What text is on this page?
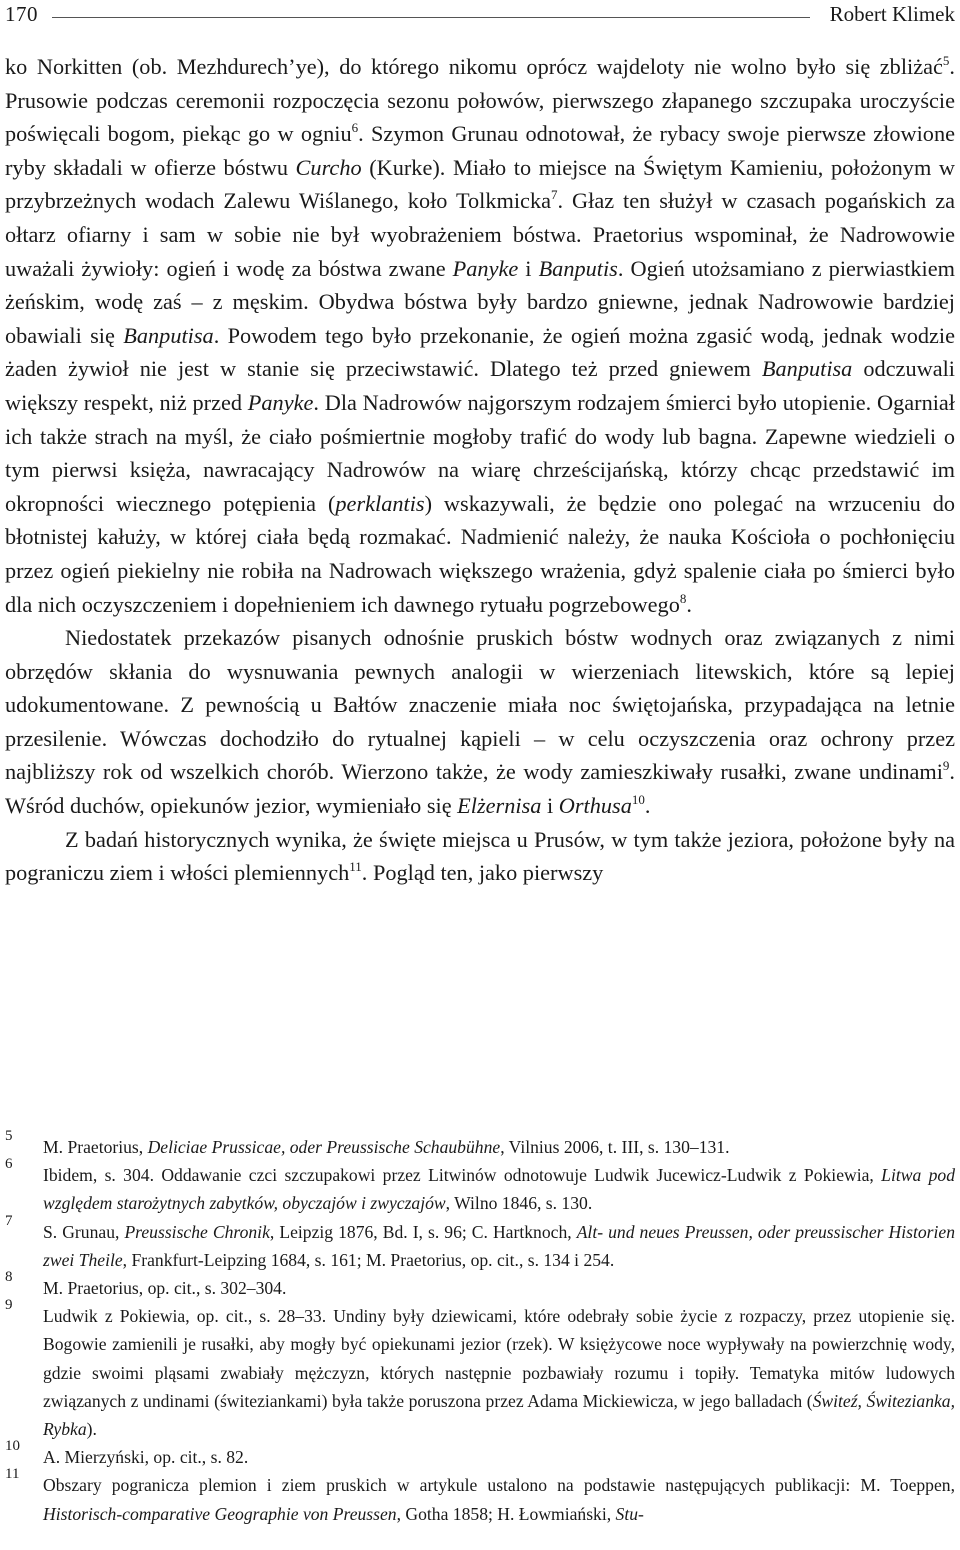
170	Robert Klimek

ko Norkitten (ob. Mezhdurech’ye), do którego nikomu oprócz wajdeloty nie wolno było się zbliżać$^5$. Prusowie podczas ceremonii rozpoczęcia sezonu połowów, pierwszego złapanego szczupaka uroczyście poświęcali bogom, piekąc go w ogniu$^6$. Szymon Grunau odnotował, że rybacy swoje pierwsze złowione ryby składali w ofierze bóstwu Curcho (Kurke). Miało to miejsce na Świętym Kamieniu, położonym w przybrzeżnych wodach Zalewu Wiślanego, koło Tolkmicka$^7$. Głaz ten służył w czasach pogańskich za ołtarz ofiarny i sam w sobie nie był wyobrażeniem bóstwa. Praetorius wspominał, że Nadrowowie uważali żywioły: ogień i wodę za bóstwa zwane Panyke i Banputis. Ogień utożsamiano z pierwiastkiem żeńskim, wodę zaś – z męskim. Obydwa bóstwa były bardzo gniewne, jednak Nadrowowie bardziej obawiali się Banputisa. Powodem tego było przekonanie, że ogień można zgasić wodą, jednak wodzie żaden żywioł nie jest w stanie się przeciwstawić. Dlatego też przed gniewem Banputisa odczuwali większy respekt, niż przed Panyke. Dla Nadrowów najgorszym rodzajem śmierci było utopienie. Ogarniał ich także strach na myśl, że ciało pośmiertnie mogłoby trafić do wody lub bagna. Zapewne wiedzieli o tym pierwsi księża, nawracający Nadrowów na wiarę chrześcijańską, którzy chcąc przedstawić im okropności wiecznego potępienia (perklantis) wskazywali, że będzie ono polegać na wrzuceniu do błotnistej kałuży, w której ciała będą rozmakać. Nadmienić należy, że nauka Kościoła o pochłonięciu przez ogień piekielny nie robiła na Nadrowach większego wrażenia, gdyż spalenie ciała po śmierci było dla nich oczyszczeniem i dopełnieniem ich dawnego rytuału pogrzebowego$^8$.

Niedostatek przekazów pisanych odnośnie pruskich bóstw wodnych oraz związanych z nimi obrzędów skłania do wysnuwania pewnych analogii w wierzeniach litewskich, które są lepiej udokumentowane. Z pewnością u Bałtów znaczenie miała noc świętojańska, przypadająca na letnie przesilenie. Wówczas dochodziło do rytualnej kąpieli – w celu oczyszczenia oraz ochrony przez najbliższy rok od wszelkich chorób. Wierzono także, że wody zamieszkiwały rusałki, zwane undinami$^9$. Wśród duchów, opiekunów jezior, wymieniało się Elżernisa i Orthusa$^{10}$.

Z badań historycznych wynika, że święte miejsca u Prusów, w tym także jeziora, położone były na pograniczu ziem i włości plemiennych$^{11}$. Pogląd ten, jako pierwszy

5
M. Praetorius, Deliciae Prussicae, oder Preussische Schaubühne, Vilnius 2006, t. III, s. 130–131.
6
Ibidem, s. 304. Oddawanie czci szczupakowi przez Litwinów odnotowuje Ludwik Jucewicz-Ludwik z Pokiewia, Litwa pod względem starożytnych zabytków, obyczajów i zwyczajów, Wilno 1846, s. 130.
7
S. Grunau, Preussische Chronik, Leipzig 1876, Bd. I, s. 96; C. Hartknoch, Alt- und neues Preussen, oder preussischer Historien zwei Theile, Frankfurt-Leipzing 1684, s. 161; M. Praetorius, op. cit., s. 134 i 254.
8
M. Praetorius, op. cit., s. 302–304.
9
Ludwik z Pokiewia, op. cit., s. 28–33. Undiny były dziewicami, które odebrały sobie życie z rozpaczy, przez utopienie się. Bogowie zamienili je rusałki, aby mogły być opiekunami jezior (rzek). W księżycowe noce wypływały na powierzchnię wody, gdzie swoimi pląsami zwabiały mężczyzn, których następnie pozbawiały rozumu i topiły. Tematyka mitów ludowych związanych z undinami (świteziankami) była także poruszona przez Adama Mickiewicza, w jego balladach (Świteź, Świtezianka, Rybka).
10
A. Mierzyński, op. cit., s. 82.
11
Obszary pogranicza plemion i ziem pruskich w artykule ustalono na podstawie następujących publikacji: M. Toeppen, Historisch-comparative Geographie von Preussen, Gotha 1858; H. Łowmiański, Stu-
